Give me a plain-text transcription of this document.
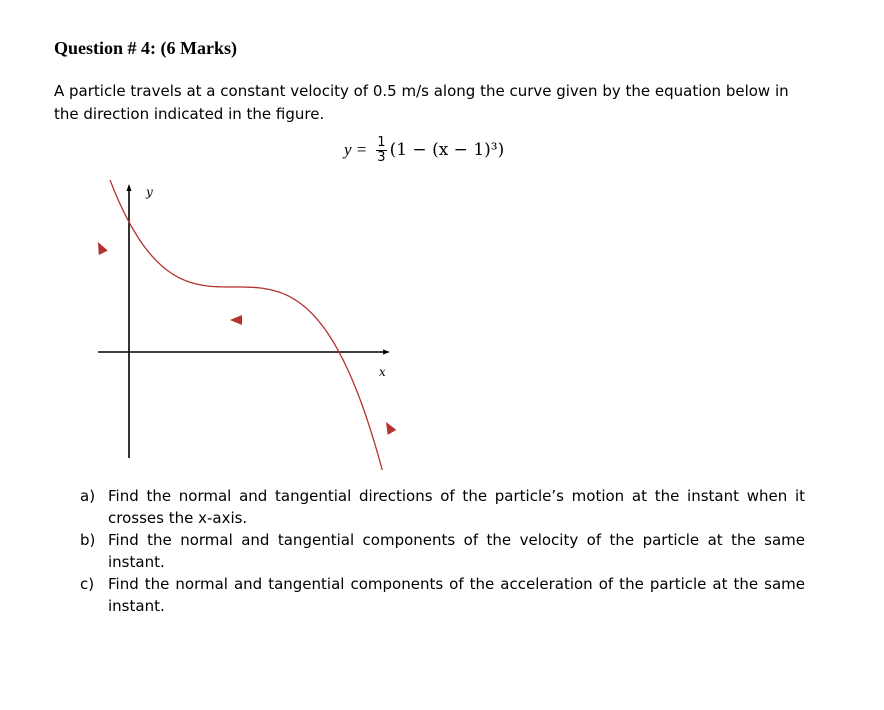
Question # 4: (6 Marks)
A particle travels at a constant velocity of 0.5 m/s along the curve given by the equation below in the direction indicated in the figure.
$y = \frac{1}{3} (1 - (x - 1)^3)$
y
x
a) Find the normal and tangential directions of the particle’s motion at the instant when it crosses the x-axis.
b) Find the normal and tangential components of the velocity of the particle at the same instant.
c) Find the normal and tangential components of the acceleration of the particle at the same instant.
